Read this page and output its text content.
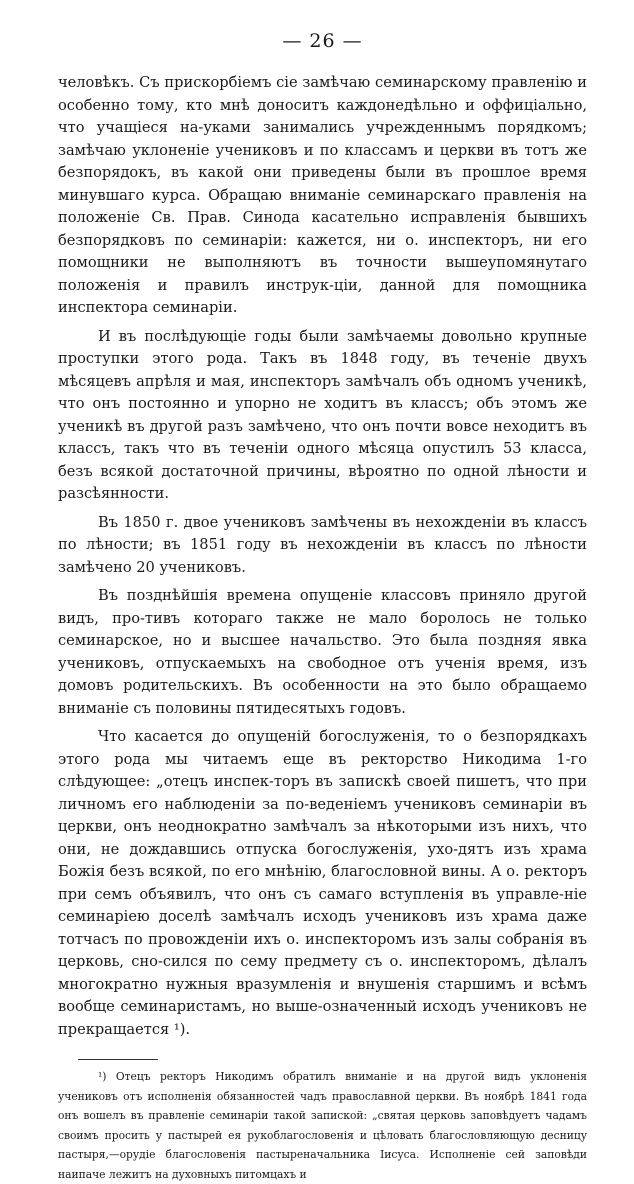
— 26 —

человѣкъ. Съ прискорбіемъ сіе замѣчаю семинарскому правленію и особенно тому, кто мнѣ доноситъ каждонедѣльно и оффиціально, что учащіеся на-уками занимались учрежденнымъ порядкомъ; замѣчаю уклоненіе учениковъ и по классамъ и церкви въ тотъ же безпорядокъ, въ какой они приведены были въ прошлое время минувшаго курса. Обращаю вниманіе семинарскаго правленія на положеніе Св. Прав. Синода касательно исправленія бывшихъ безпорядковъ по семинаріи: кажется, ни о. инспекторъ, ни его помощники не выполняютъ въ точности вышеупомянутаго положенія и правилъ инструк-ціи, данной для помощника инспектора семинаріи.

И въ послѣдующіе годы были замѣчаемы довольно крупные проступки этого рода. Такъ въ 1848 году, въ теченіе двухъ мѣсяцевъ апрѣля и мая, инспекторъ замѣчалъ объ одномъ ученикѣ, что онъ постоянно и упорно не ходитъ въ классъ; объ этомъ же ученикѣ въ другой разъ замѣчено, что онъ почти вовсе неходитъ въ классъ, такъ что въ теченіи одного мѣсяца опустилъ 53 класса, безъ всякой достаточной причины, вѣроятно по одной лѣности и разсѣянности.

Въ 1850 г. двое учениковъ замѣчены въ нехожденіи въ классъ по лѣности; въ 1851 году въ нехожденіи въ классъ по лѣности замѣчено 20 учениковъ.

Въ позднѣйшія времена опущеніе классовъ приняло другой видъ, про-тивъ котораго также не мало боролось не только семинарское, но и высшее начальство. Это была поздняя явка учениковъ, отпускаемыхъ на свободное отъ ученія время, изъ домовъ родительскихъ. Въ особенности на это было обращаемо вниманіе съ половины пятидесятыхъ годовъ.

Что касается до опущеній богослуженія, то о безпорядкахъ этого рода мы читаемъ еще въ ректорство Никодима 1-го слѣдующее: „отецъ инспек-торъ въ запискѣ своей пишетъ, что при личномъ его наблюденіи за по-веденіемъ учениковъ семинаріи въ церкви, онъ неоднократно замѣчалъ за нѣкоторыми изъ нихъ, что они, не дождавшись отпуска богослуженія, ухо-дятъ изъ храма Божія безъ всякой, по его мнѣнію, благословной вины. А о. ректоръ при семъ объявилъ, что онъ съ самаго вступленія въ управле-ніе семинаріею доселѣ замѣчалъ исходъ учениковъ изъ храма даже тотчасъ по провожденіи ихъ о. инспекторомъ изъ залы собранія въ церковь, сно-сился по сему предмету съ о. инспекторомъ, дѣлалъ многократно нужныя вразумленія и внушенія старшимъ и всѣмъ вообще семинаристамъ, но выше-означенный исходъ учениковъ не прекращается ¹).

¹) Отецъ ректоръ Никодимъ обратилъ вниманіе и на другой видъ уклоненія учениковъ отъ исполненія обязанностей чадъ православной церкви. Въ ноябрѣ 1841 года онъ вошелъ въ правленіе семинаріи такой запиской: „святая церковь заповѣдуетъ чадамъ своимъ просить у пастырей ея рукоблагословенія и цѣловать благословляющую десницу пастыря,—орудіе благословенія пастыреначальника Іисуса. Исполненіе сей заповѣди наипаче лежитъ на духовныхъ питомцахъ и
